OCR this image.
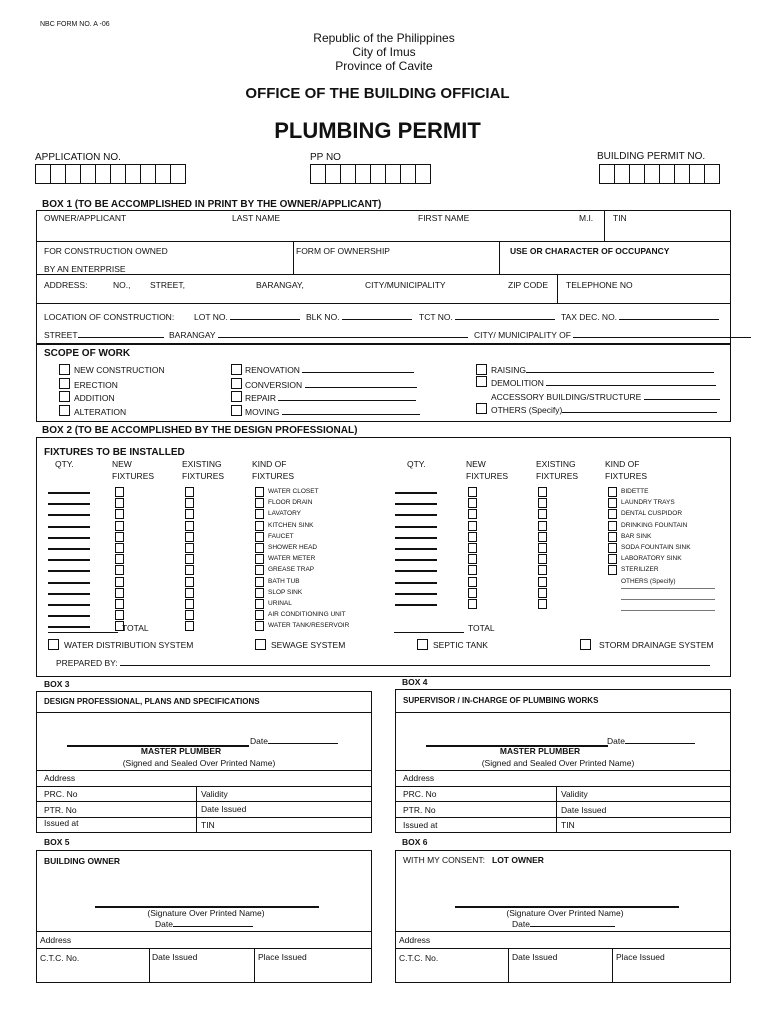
NBC FORM NO. A -06
Republic of the Philippines
City of Imus
Province of Cavite
OFFICE OF THE BUILDING OFFICIAL
PLUMBING PERMIT
APPLICATION NO.	PP NO	BUILDING PERMIT NO.
BOX 1 (TO BE ACCOMPLISHED IN PRINT BY THE OWNER/APPLICANT)
OWNER/APPLICANT	LAST NAME	FIRST NAME	M.I. TIN
FOR CONSTRUCTION OWNED
BY AN ENTERPRISE
FORM OF OWNERSHIP	USE OR CHARACTER OF OCCUPANCY
ADDRESS:	NO., STREET,	BARANGAY,	CITY/MUNICIPALITY	ZIP CODE TELEPHONE NO
LOCATION OF CONSTRUCTION: LOT NO.	BLK NO.	TCT NO.	TAX DEC. NO.
STREET	BARANGAY	CITY/ MUNICIPALITY OF
SCOPE OF WORK
NEW CONSTRUCTION
ERECTION
ADDITION
ALTERATION
RENOVATION
CONVERSION
REPAIR
MOVING
RAISING
DEMOLITION
ACCESSORY BUILDING/STRUCTURE
OTHERS (Specify)
BOX 2 (TO BE ACCOMPLISHED BY THE DESIGN PROFESSIONAL)
FIXTURES TO BE INSTALLED
QTY.	NEW
FIXTURES
EXISTING
FIXTURES
KIND OF
FIXTURES
QTY.	NEW
FIXTURES
EXISTING
FIXTURES
KIND OF
FIXTURES
WATER CLOSET
FLOOR DRAIN
LAVATORY
KITCHEN SINK
FAUCET
SHOWER HEAD
WATER METER
GREASE TRAP
BATH TUB
SLOP SINK
URINAL
AIR CONDITIONING UNIT
WATER TANK/RESERVOIR
BIDETTE
LAUNDRY TRAYS
DENTAL CUSPIDOR
DRINKING FOUNTAIN
BAR SINK
SODA FOUNTAIN SINK
LABORATORY SINK
STERILIZER
OTHERS (Specify)
TOTAL	TOTAL
WATER DISTRIBUTION SYSTEM	SEWAGE SYSTEM	SEPTIC TANK	STORM DRAINAGE SYSTEM
PREPARED BY:
BOX 3
DESIGN PROFESSIONAL, PLANS AND SPECIFICATIONS
Date
MASTER PLUMBER
(Signed and Sealed Over Printed Name)
Address
PRC. No	Validity
PTR. No	Date Issued
Issued at	TIN
BOX 4
SUPERVISOR / IN-CHARGE OF PLUMBING WORKS
Date
MASTER PLUMBER
(Signed and Sealed Over Printed Name)
Address
PRC. No	Validity
PTR. No	Date Issued
Issued at	TIN
BOX 5
BUILDING OWNER
(Signature Over Printed Name)
Date
Address
C.T.C. No.	Date Issued	Place Issued
BOX 6
WITH MY CONSENT: LOT OWNER
(Signature Over Printed Name)
Date
Address
C.T.C. No.	Date Issued	Place Issued
